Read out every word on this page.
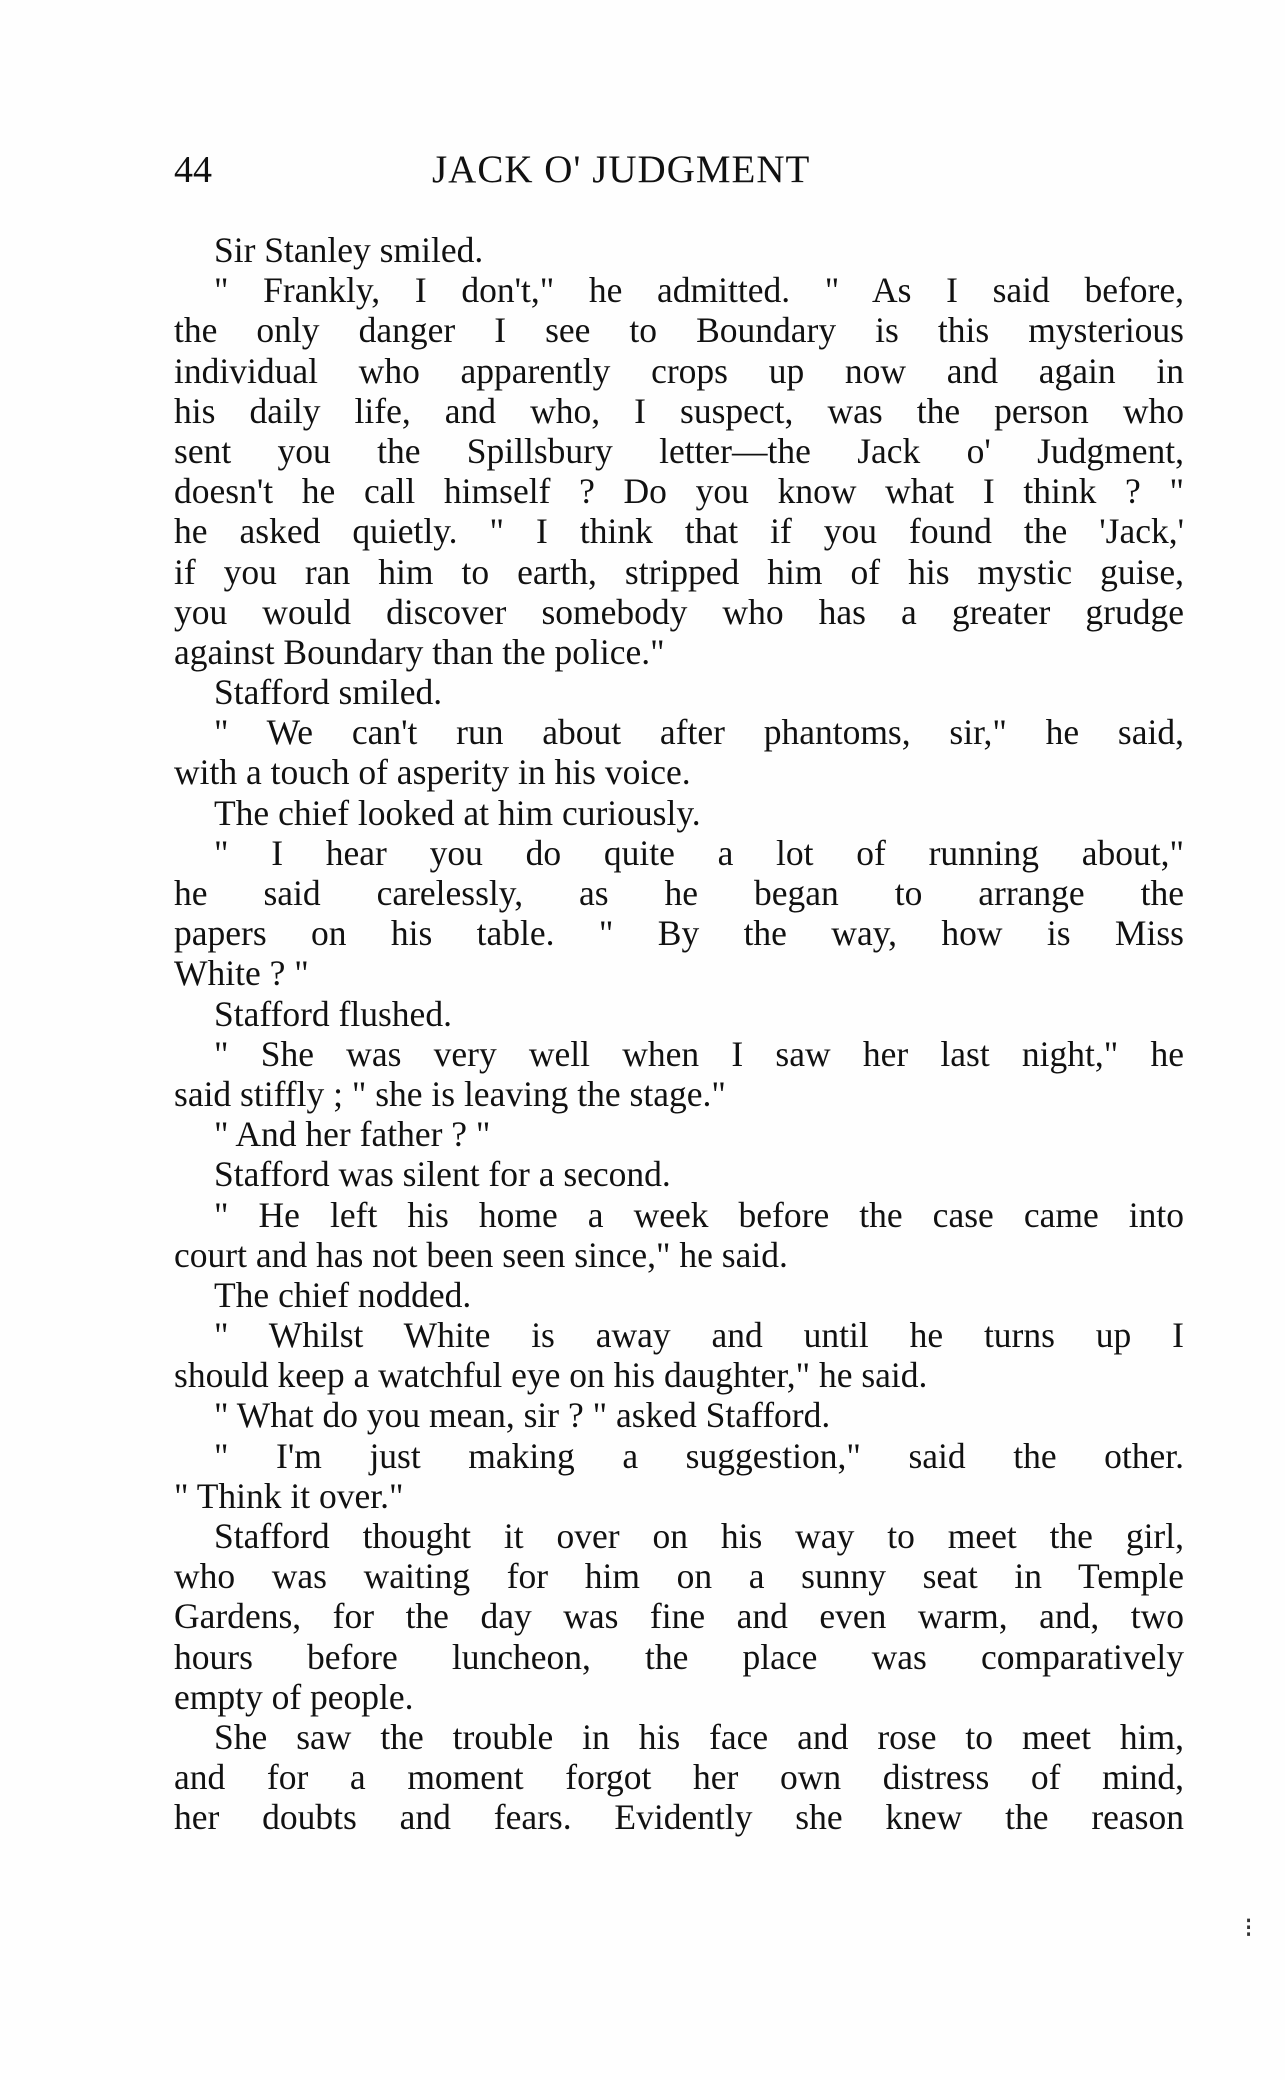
44	JACK O' JUDGMENT
Sir Stanley smiled.
" Frankly, I don't," he admitted. " As I said before,
the only danger I see to Boundary is this mysterious
individual who apparently crops up now and again in
his daily life, and who, I suspect, was the person who
sent you the Spillsbury letter—the Jack o' Judgment,
doesn't he call himself ? Do you know what I think ? "
he asked quietly. " I think that if you found the 'Jack,'
if you ran him to earth, stripped him of his mystic guise,
you would discover somebody who has a greater grudge
against Boundary than the police."
Stafford smiled.
" We can't run about after phantoms, sir," he said,
with a touch of asperity in his voice.
The chief looked at him curiously.
" I hear you do quite a lot of running about,"
he said carelessly, as he began to arrange the
papers on his table. " By the way, how is Miss
White ? "
Stafford flushed.
" She was very well when I saw her last night," he
said stiffly ; " she is leaving the stage."
" And her father ? "
Stafford was silent for a second.
" He left his home a week before the case came into
court and has not been seen since," he said.
The chief nodded.
" Whilst White is away and until he turns up I
should keep a watchful eye on his daughter," he said.
" What do you mean, sir ? " asked Stafford.
" I'm just making a suggestion," said the other.
" Think it over."
Stafford thought it over on his way to meet the girl,
who was waiting for him on a sunny seat in Temple
Gardens, for the day was fine and even warm, and, two
hours before luncheon, the place was comparatively
empty of people.
She saw the trouble in his face and rose to meet him,
and for a moment forgot her own distress of mind,
her doubts and fears. Evidently she knew the reason
⁝
